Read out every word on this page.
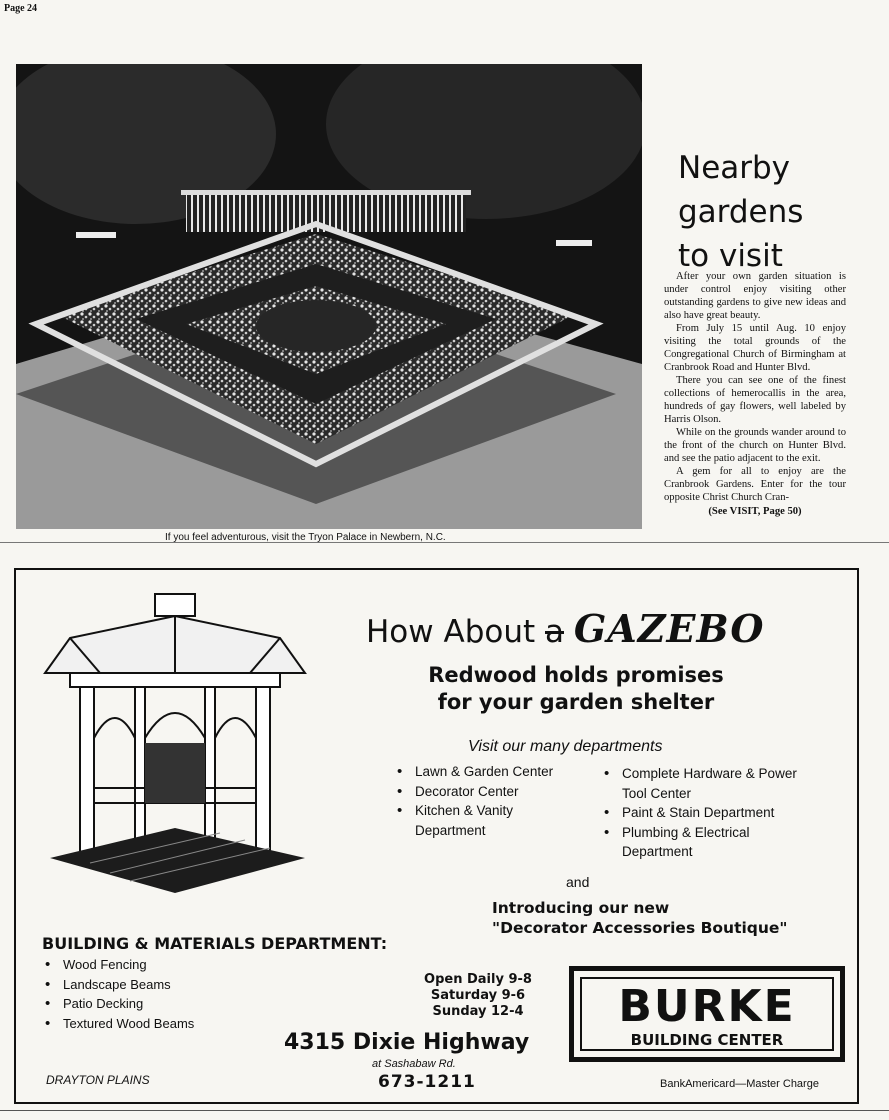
Page 24
If you feel adventurous, visit the Tryon Palace in Newbern, N.C.
Nearby
gardens
to visit

After your own garden situation is under control enjoy visiting other outstanding gardens to give new ideas and also have great beauty.

From July 15 until Aug. 10 enjoy visiting the total grounds of the Congregational Church of Birmingham at Cranbrook Road and Hunter Blvd.

There you can see one of the finest collections of hemerocallis in the area, hundreds of gay flowers, well labeled by Harris Olson.

While on the grounds wander around to the front of the church on Hunter Blvd. and see the patio adjacent to the exit.

A gem for all to enjoy are the Cranbrook Gardens. Enter for the tour opposite Christ Church Cran-

(See VISIT, Page 50)

How About a GAZEBO
Redwood holds promises
for your garden shelter
Visit our many departments
• Lawn & Garden Center
• Decorator Center
• Kitchen & Vanity Department
• Complete Hardware & Power Tool Center
• Paint & Stain Department
• Plumbing & Electrical Department
and
Introducing our new
"Decorator Accessories Boutique"
BUILDING & MATERIALS DEPARTMENT:
• Wood Fencing
• Landscape Beams
• Patio Decking
• Textured Wood Beams
Open Daily 9-8
Saturday 9-6
Sunday 12-4
4315 Dixie Highway
at Sashabaw Rd.
673-1211
DRAYTON PLAINS
BURKE
BUILDING CENTER
BankAmericard—Master Charge
